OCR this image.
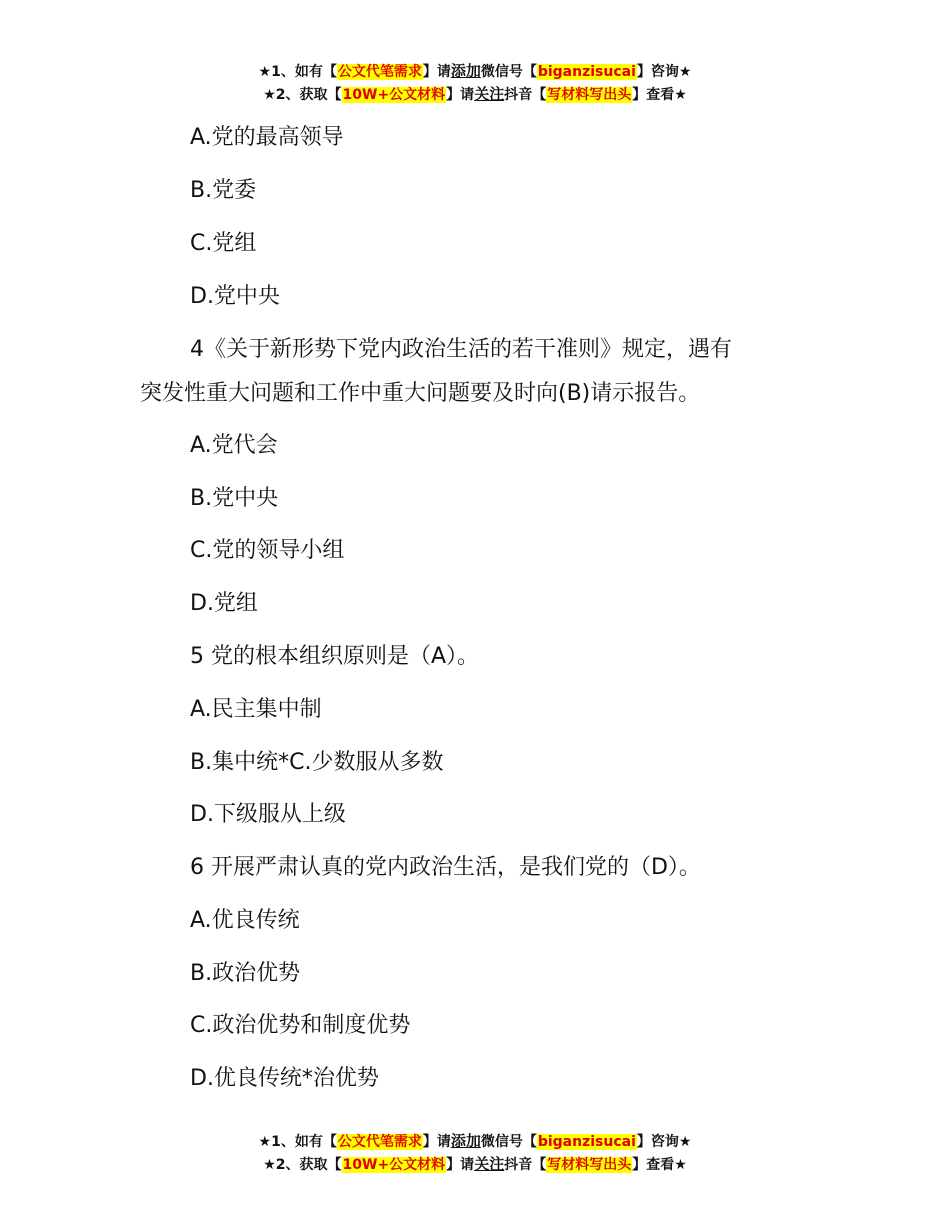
★1、如有【公文代笔需求】请添加微信号【biganzisucai】咨询★
★2、获取【10W+公文材料】请关注抖音【写材料写出头】查看★
A.党的最高领导
B.党委
C.党组
D.党中央
4《关于新形势下党内政治生活的若干准则》规定，遇有
突发性重大问题和工作中重大问题要及时向(B)请示报告。
A.党代会
B.党中央
C.党的领导小组
D.党组
5 党的根本组织原则是（A）。
A.民主集中制
B.集中统*C.少数服从多数
D.下级服从上级
6 开展严肃认真的党内政治生活，是我们党的（D）。
A.优良传统
B.政治优势
C.政治优势和制度优势
D.优良传统*治优势
★1、如有【公文代笔需求】请添加微信号【biganzisucai】咨询★
★2、获取【10W+公文材料】请关注抖音【写材料写出头】查看★
